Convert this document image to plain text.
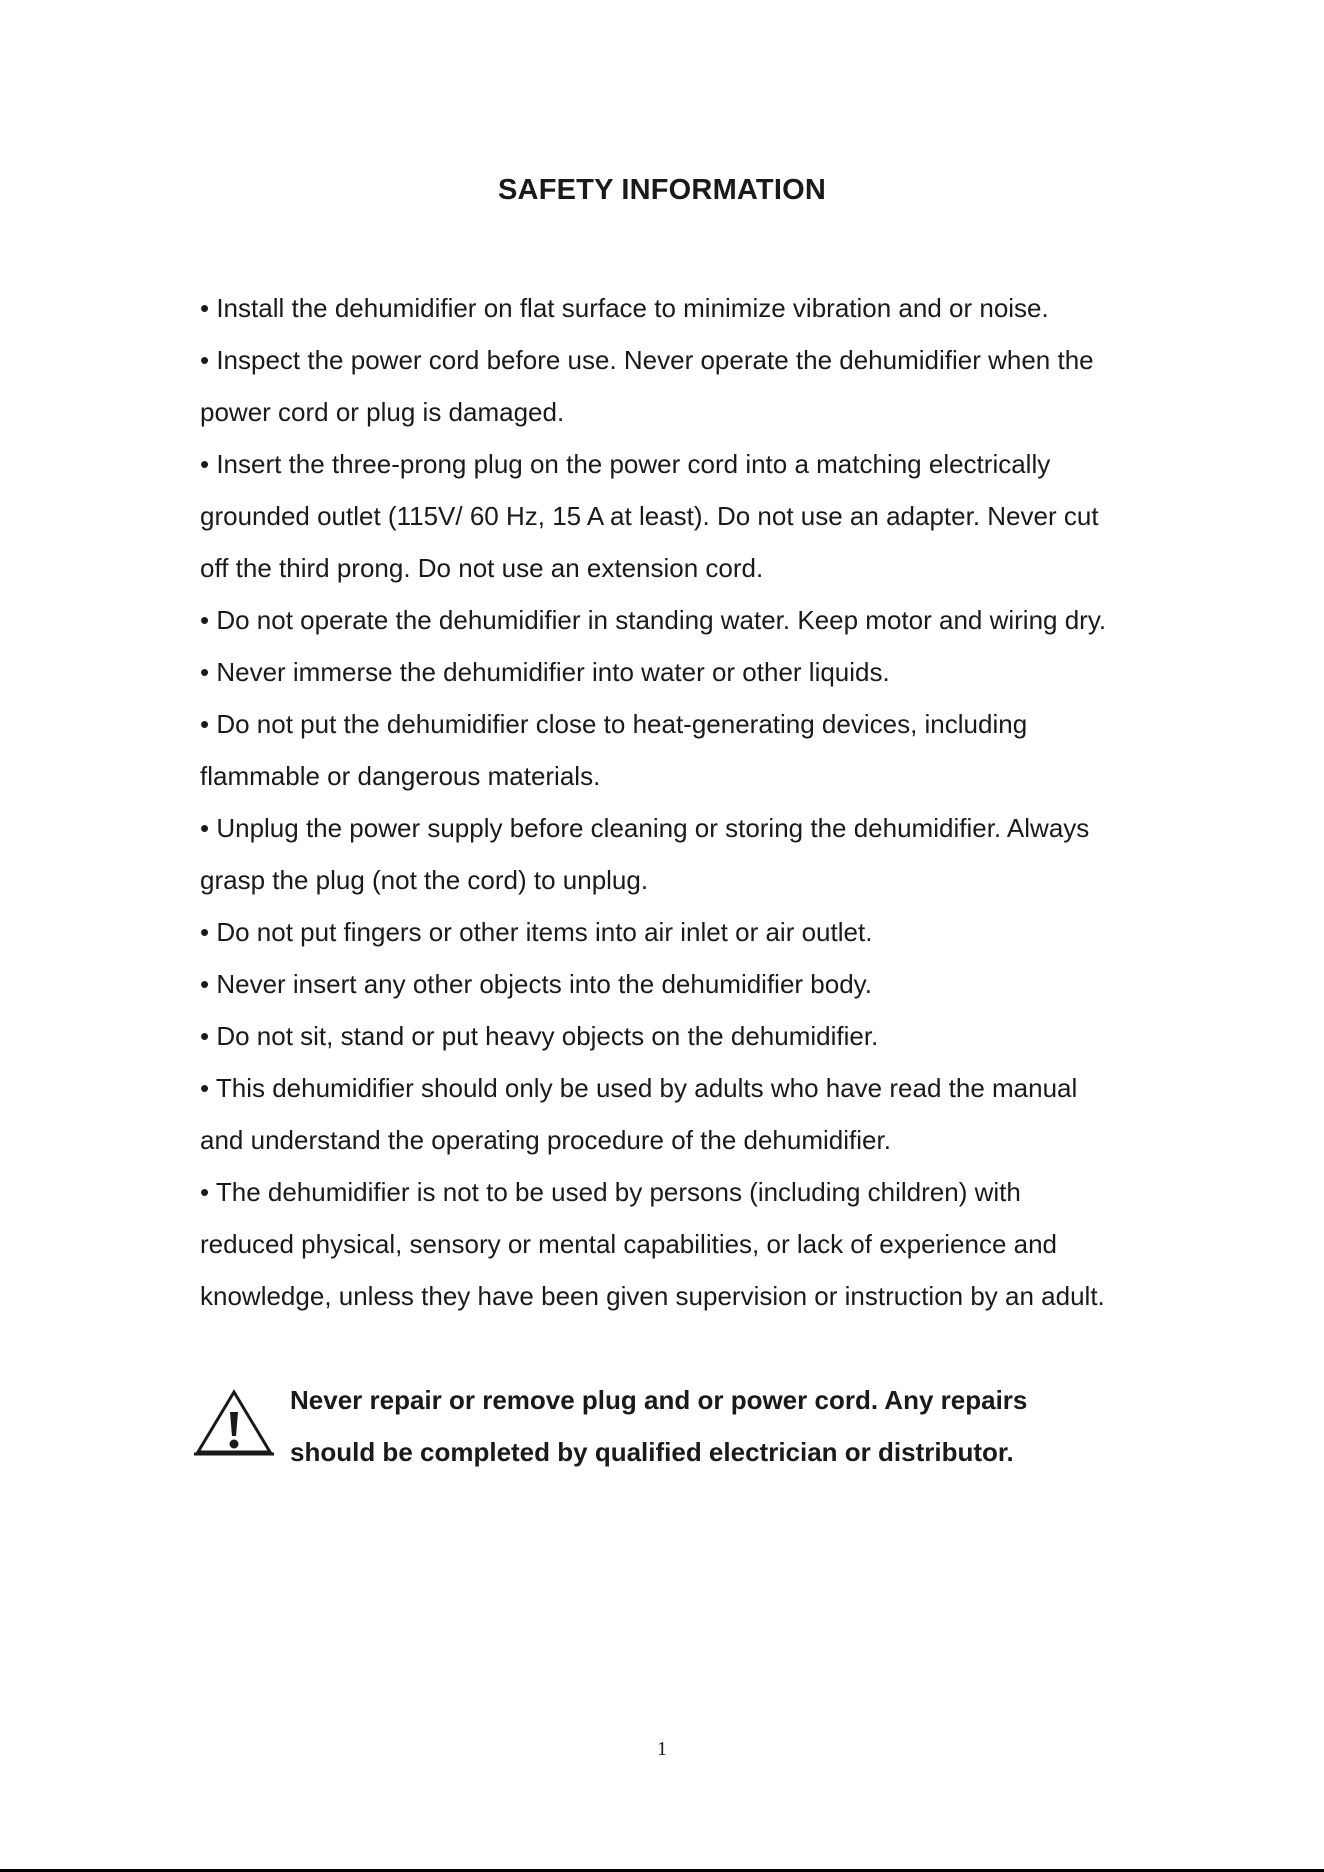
SAFETY INFORMATION
• Install the dehumidifier on flat surface to minimize vibration and or noise.
• Inspect the power cord before use. Never operate the dehumidifier when the
power cord or plug is damaged.
• Insert the three-prong plug on the power cord into a matching electrically
grounded outlet (115V/ 60 Hz, 15 A at least). Do not use an adapter. Never cut
off the third prong. Do not use an extension cord.
• Do not operate the dehumidifier in standing water. Keep motor and wiring dry.
• Never immerse the dehumidifier into water or other liquids.
• Do not put the dehumidifier close to heat-generating devices, including
flammable or dangerous materials.
• Unplug the power supply before cleaning or storing the dehumidifier. Always
grasp the plug (not the cord) to unplug.
• Do not put fingers or other items into air inlet or air outlet.
• Never insert any other objects into the dehumidifier body.
• Do not sit, stand or put heavy objects on the dehumidifier.
• This dehumidifier should only be used by adults who have read the manual
and understand the operating procedure of the dehumidifier.
• The dehumidifier is not to be used by persons (including children) with
reduced physical, sensory or mental capabilities, or lack of experience and
knowledge, unless they have been given supervision or instruction by an adult.
Never repair or remove plug and or power cord. Any repairs
should be completed by qualified electrician or distributor.
1
